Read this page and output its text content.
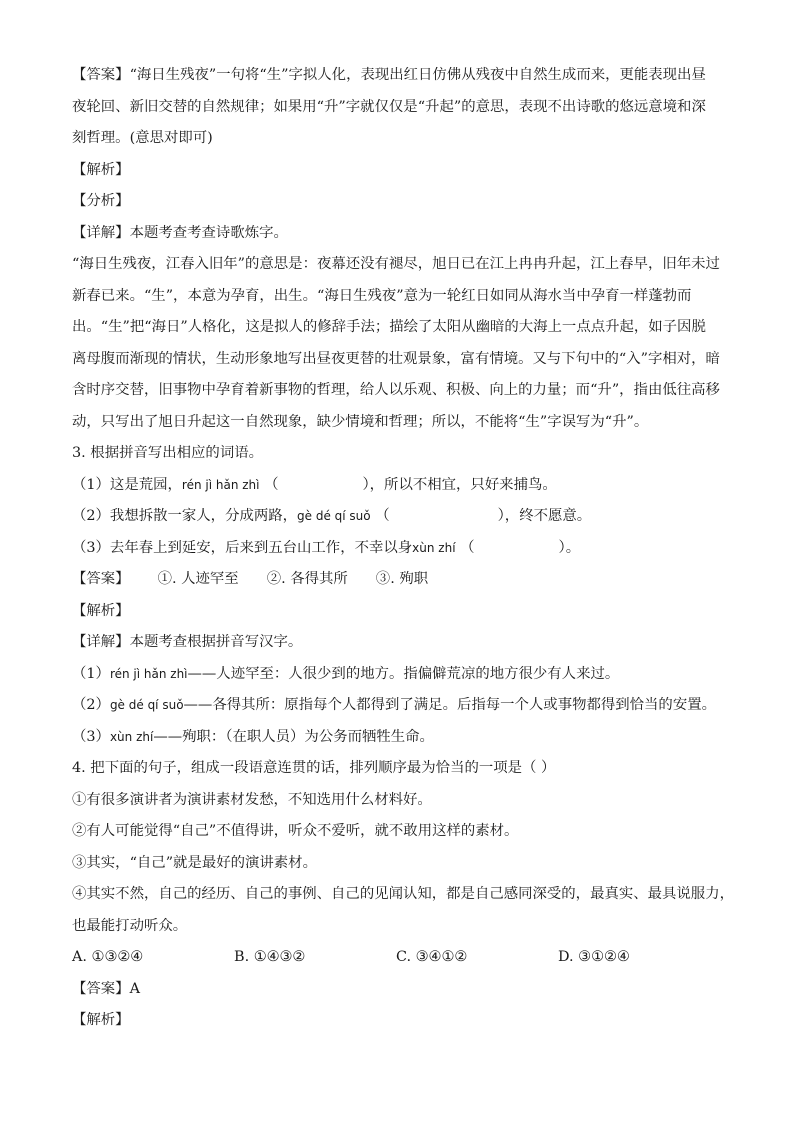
【答案】“海日生残夜”一句将“生”字拟人化，表现出红日仿佛从残夜中自然生成而来，更能表现出昼
夜轮回、新旧交替的自然规律；如果用“升”字就仅仅是“升起”的意思，表现不出诗歌的悠远意境和深
刻哲理。(意思对即可)
【解析】
【分析】
【详解】本题考查考查诗歌炼字。
“海日生残夜，江春入旧年”的意思是：夜幕还没有褪尽，旭日已在江上冉冉升起，江上春早，旧年未过
新春已来。“生”，本意为孕育，出生。“海日生残夜”意为一轮红日如同从海水当中孕育一样蓬勃而
出。“生”把“海日”人格化，这是拟人的修辞手法；描绘了太阳从幽暗的大海上一点点升起，如子因脱
离母腹而渐现的情状，生动形象地写出昼夜更替的壮观景象，富有情境。又与下句中的“入”字相对，暗
含时序交替，旧事物中孕育着新事物的哲理，给人以乐观、积极、向上的力量；而“升”，指由低往高移
动，只写出了旭日升起这一自然现象，缺少情境和哲理；所以，不能将“生”字误写为“升”。
3. 根据拼音写出相应的词语。
（1）这是荒园，rén jì hǎn zhì （	），所以不相宜，只好来捕鸟。
（2）我想拆散一家人，分成两路，gè dé qí suǒ （	），终不愿意。
（3）去年春上到延安，后来到五台山工作，不幸以身xùn zhí （	）。
【答案】 ①. 人迹罕至 ②. 各得其所 ③. 殉职
【解析】
【详解】本题考查根据拼音写汉字。
（1）rén jì hǎn zhì——人迹罕至：人很少到的地方。指偏僻荒凉的地方很少有人来过。
（2）gè dé qí suǒ——各得其所：原指每个人都得到了满足。后指每一个人或事物都得到恰当的安置。
（3）xùn zhí——殉职：（在职人员）为公务而牺牲生命。
4. 把下面的句子，组成一段语意连贯的话，排列顺序最为恰当的一项是（ ）
①有很多演讲者为演讲素材发愁，不知选用什么材料好。
②有人可能觉得“自己”不值得讲，听众不爱听，就不敢用这样的素材。
③其实，“自己”就是最好的演讲素材。
④其实不然，自己的经历、自己的事例、自己的见闻认知，都是自己感同深受的，最真实、最具说服力，
也最能打动听众。
A. ①③②④	B. ①④③②	C. ③④①②	D. ③①②④
【答案】A
【解析】
